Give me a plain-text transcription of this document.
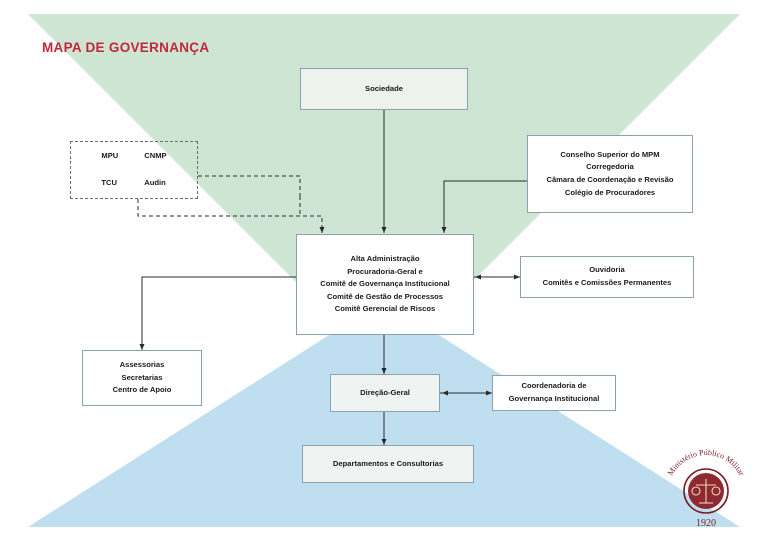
MAPA DE GOVERNANÇA
Sociedade
MPU	CNMP
TCU	Audin
Conselho Superior do MPM
Corregedoria
Câmara de Coordenação e Revisão
Colégio de Procuradores
Alta Administração
Procuradoria-Geral e
Comitê de Governança Institucional
Comitê de Gestão de Processos
Comitê Gerencial de Riscos
Ouvidoria
Comitês e Comissões Permanentes
Assessorias
Secretarias
Centro de Apoio	Direção-Geral
Coordenadoria de
Governança Institucional
Departamentos e Consultorias
Ministério Público Militar
1920
